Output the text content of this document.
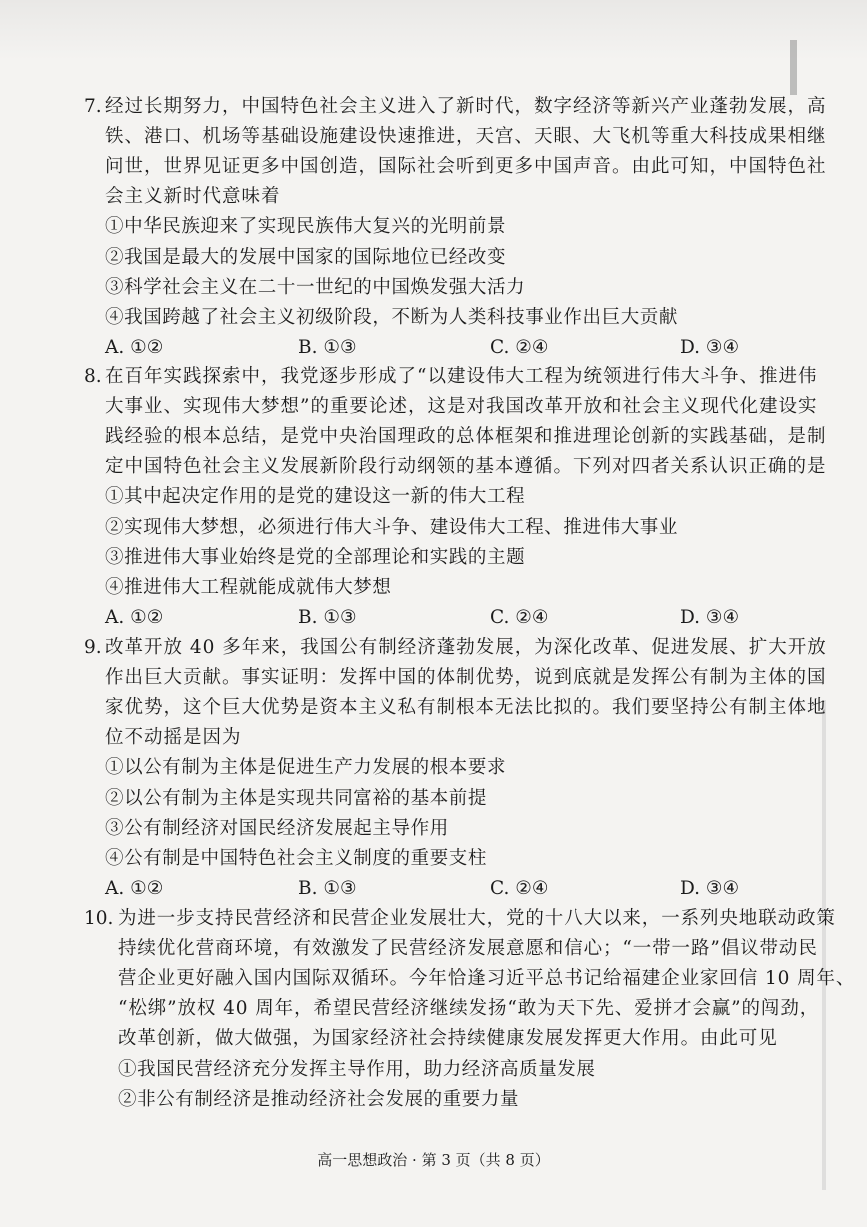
7. 经过长期努力，中国特色社会主义进入了新时代，数字经济等新兴产业蓬勃发展，高
铁、港口、机场等基础设施建设快速推进，天宫、天眼、大飞机等重大科技成果相继
问世，世界见证更多中国创造，国际社会听到更多中国声音。由此可知，中国特色社
会主义新时代意味着
①中华民族迎来了实现民族伟大复兴的光明前景
②我国是最大的发展中国家的国际地位已经改变
③科学社会主义在二十一世纪的中国焕发强大活力
④我国跨越了社会主义初级阶段，不断为人类科技事业作出巨大贡献
A. ①②	B. ①③	C. ②④	D. ③④
8. 在百年实践探索中，我党逐步形成了“以建设伟大工程为统领进行伟大斗争、推进伟
大事业、实现伟大梦想”的重要论述，这是对我国改革开放和社会主义现代化建设实
践经验的根本总结，是党中央治国理政的总体框架和推进理论创新的实践基础，是制
定中国特色社会主义发展新阶段行动纲领的基本遵循。下列对四者关系认识正确的是
①其中起决定作用的是党的建设这一新的伟大工程
②实现伟大梦想，必须进行伟大斗争、建设伟大工程、推进伟大事业
③推进伟大事业始终是党的全部理论和实践的主题
④推进伟大工程就能成就伟大梦想
A. ①②	B. ①③	C. ②④	D. ③④
9. 改革开放 40 多年来，我国公有制经济蓬勃发展，为深化改革、促进发展、扩大开放
作出巨大贡献。事实证明：发挥中国的体制优势，说到底就是发挥公有制为主体的国
家优势，这个巨大优势是资本主义私有制根本无法比拟的。我们要坚持公有制主体地
位不动摇是因为
①以公有制为主体是促进生产力发展的根本要求
②以公有制为主体是实现共同富裕的基本前提
③公有制经济对国民经济发展起主导作用
④公有制是中国特色社会主义制度的重要支柱
A. ①②	B. ①③	C. ②④	D. ③④
10. 为进一步支持民营经济和民营企业发展壮大，党的十八大以来，一系列央地联动政策
持续优化营商环境，有效激发了民营经济发展意愿和信心；“一带一路”倡议带动民
营企业更好融入国内国际双循环。今年恰逢习近平总书记给福建企业家回信 10 周年、
“松绑”放权 40 周年，希望民营经济继续发扬“敢为天下先、爱拼才会赢”的闯劲，
改革创新，做大做强，为国家经济社会持续健康发展发挥更大作用。由此可见
①我国民营经济充分发挥主导作用，助力经济高质量发展
②非公有制经济是推动经济社会发展的重要力量
高一思想政治 · 第 3 页（共 8 页）
